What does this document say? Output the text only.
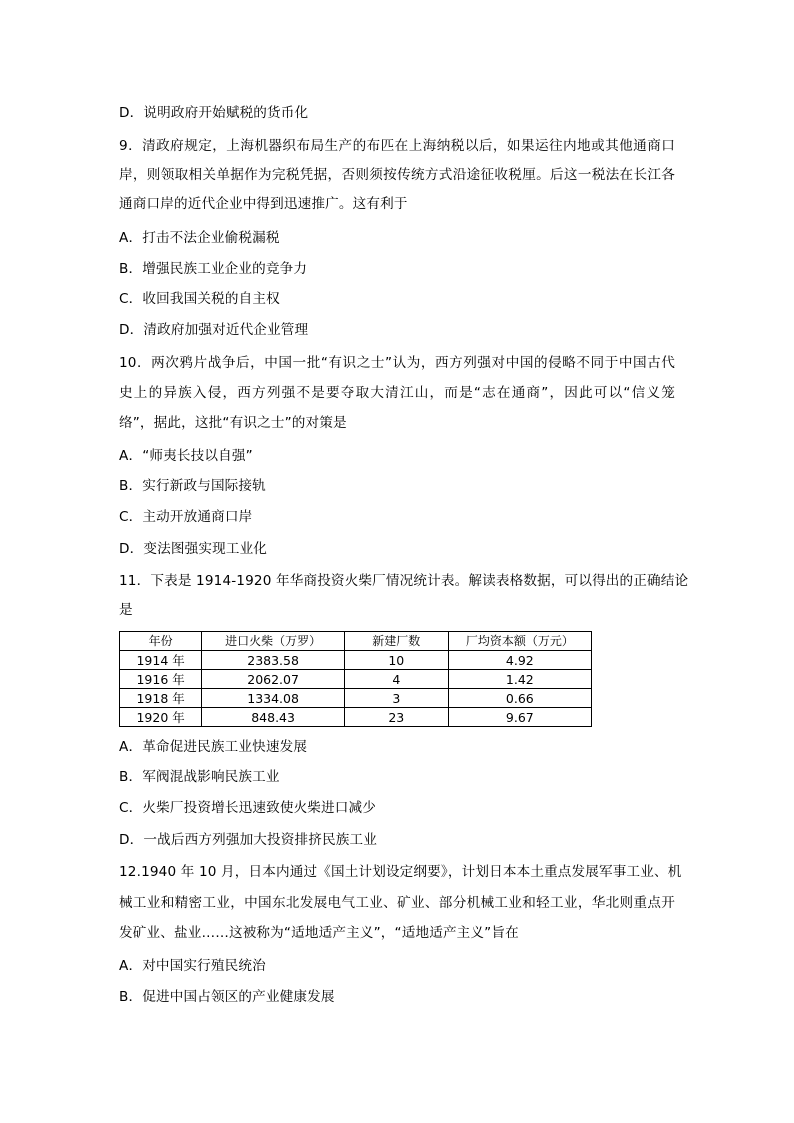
D．说明政府开始赋税的货币化
9．清政府规定，上海机器织布局生产的布匹在上海纳税以后，如果运往内地或其他通商口
岸，则领取相关单据作为完税凭据，否则须按传统方式沿途征收税厘。后这一税法在长江各
通商口岸的近代企业中得到迅速推广。这有利于
A．打击不法企业偷税漏税
B．增强民族工业企业的竞争力
C．收回我国关税的自主权
D．清政府加强对近代企业管理
10．两次鸦片战争后，中国一批“有识之士”认为，西方列强对中国的侵略不同于中国古代
史上的异族入侵，西方列强不是要夺取大清江山，而是“志在通商”，因此可以“信义笼
络”，据此，这批“有识之士”的对策是
A．“师夷长技以自强”
B．实行新政与国际接轨
C．主动开放通商口岸
D．变法图强实现工业化
11．下表是 1914-1920 年华商投资火柴厂情况统计表。解读表格数据，可以得出的正确结论
是
年份	进口火柴（万罗）	新建厂数	厂均资本额（万元）
1914 年	2383.58	10	4.92
1916 年	2062.07	4	1.42
1918 年	1334.08	3	0.66
1920 年	848.43	23	9.67
A．革命促进民族工业快速发展
B．军阀混战影响民族工业
C．火柴厂投资增长迅速致使火柴进口减少
D．一战后西方列强加大投资排挤民族工业
12.1940 年 10 月，日本内通过《国土计划设定纲要》，计划日本本土重点发展军事工业、机
械工业和精密工业，中国东北发展电气工业、矿业、部分机械工业和轻工业，华北则重点开
发矿业、盐业……这被称为“适地适产主义”，“适地适产主义”旨在
A．对中国实行殖民统治
B．促进中国占领区的产业健康发展
